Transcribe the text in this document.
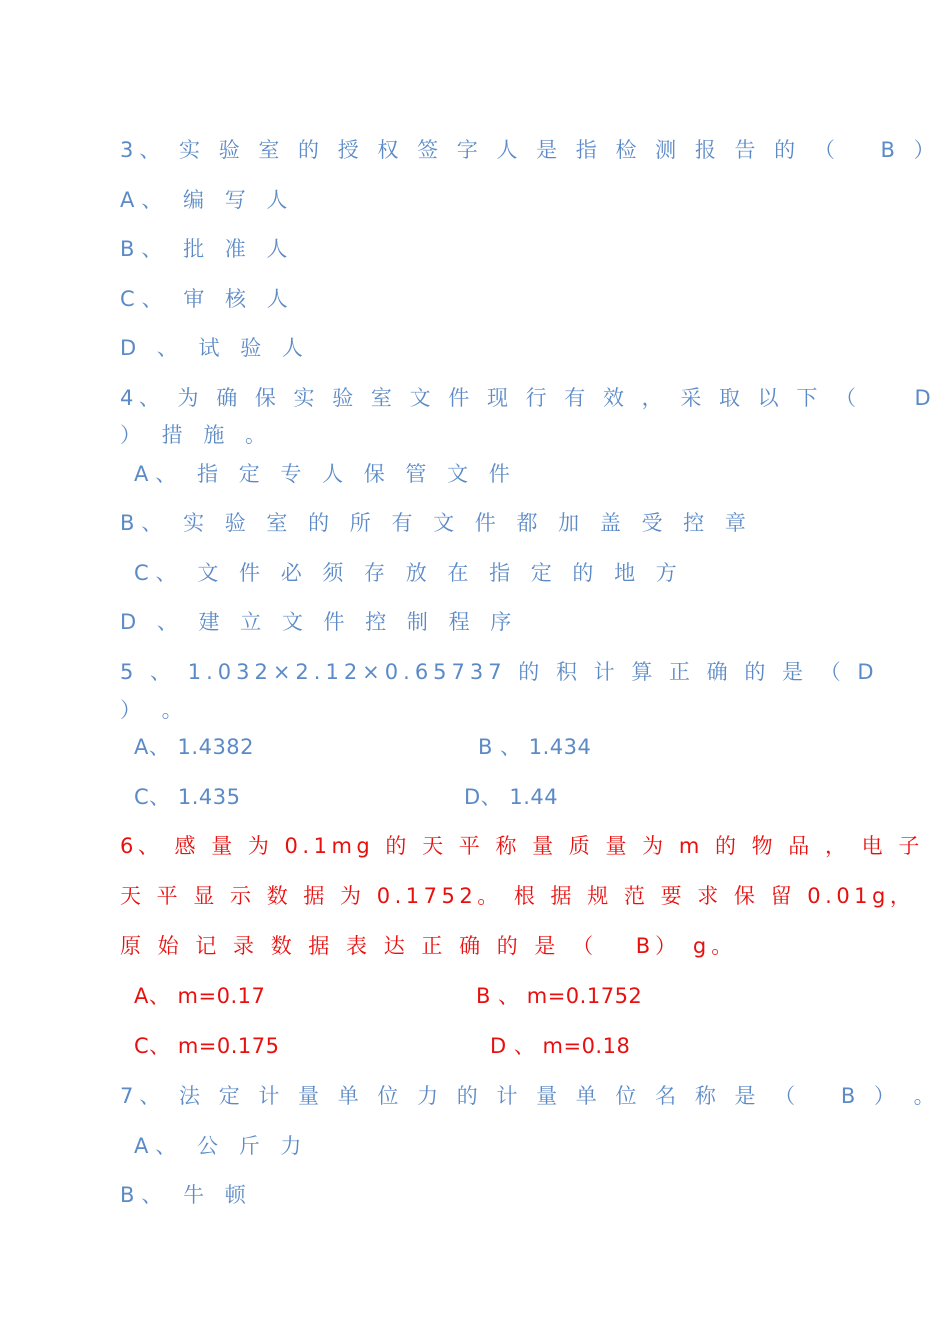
3、 实 验 室 的 授 权 签 字 人 是 指 检 测 报 告 的 （　 B ）
A、 编 写 人
B、 批 准 人
C、 审 核 人
D 、 试 验 人
4、 为 确 保 实 验 室 文 件 现 行 有 效 ， 采 取 以 下 （　　D
） 措 施 。
A、 指 定 专 人 保 管 文 件
B、 实 验 室 的 所 有 文 件 都 加 盖 受 控 章
C、 文 件 必 须 存 放 在 指 定 的 地 方
D 、 建 立 文 件 控 制 程 序
5 、 1.032×2.12×0.65737 的 积 计 算 正 确 的 是 （ D
） 。
A、 1.4382	B 、 1.434
C、 1.435	D、 1.44
6、 感 量 为 0.1mg 的 天 平 称 量 质 量 为 m 的 物 品 ， 电 子
天 平 显 示 数 据 为 0.1752。 根 据 规 范 要 求 保 留 0.01g，
原 始 记 录 数 据 表 达 正 确 的 是 （　 B） g。
A、 m=0.17	B 、 m=0.1752
C、 m=0.175	D 、 m=0.18
7、 法 定 计 量 单 位 力 的 计 量 单 位 名 称 是 （　 B ） 。
A、 公 斤 力
B、 牛 顿
